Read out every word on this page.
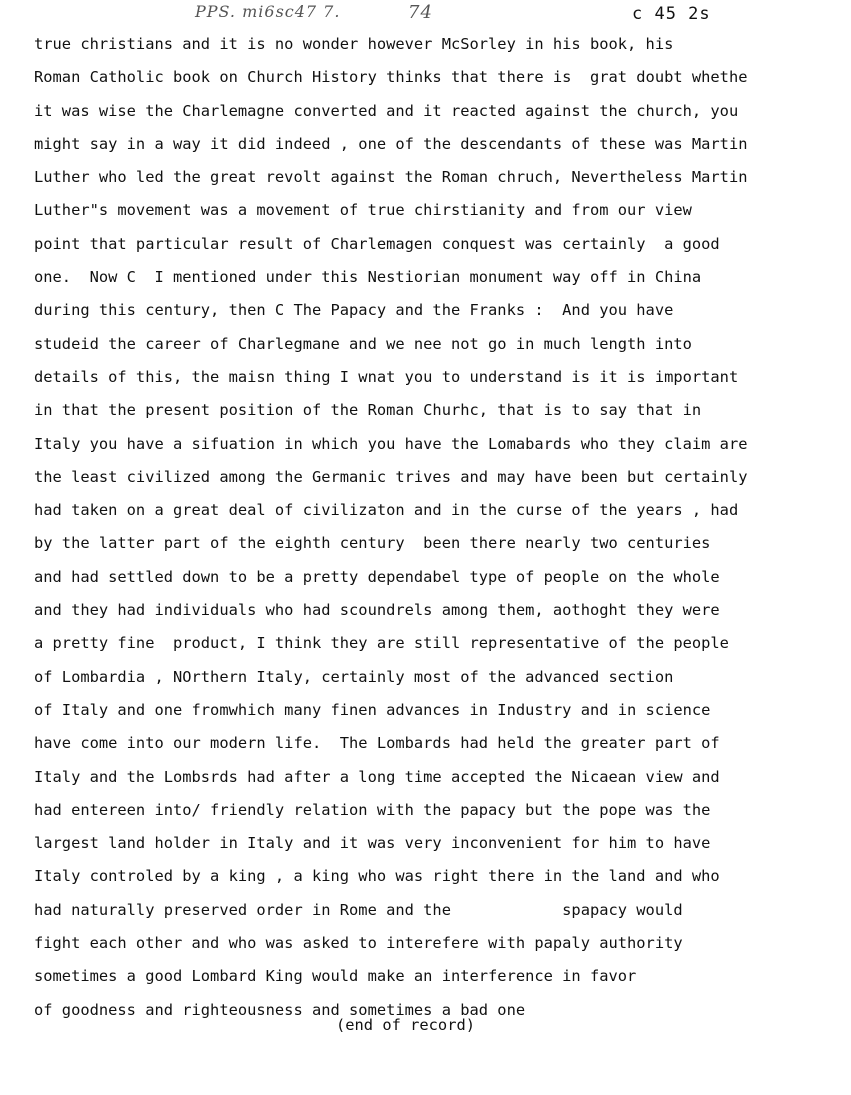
PPS. mi6sc47 7.	74	c 45 2s
true christians and it is no wonder however McSorley in his book, his
Roman Catholic book on Church History thinks that there is  grat doubt whethe
it was wise the Charlemagne converted and it reacted against the church, you
might say in a way it did indeed , one of the descendants of these was Martin
Luther who led the great revolt against the Roman chruch, Nevertheless Martin
Luther"s movement was a movement of true chirstianity and from our view
point that particular result of Charlemagen conquest was certainly  a good
one.  Now C  I mentioned under this Nestiorian monument way off in China
during this century, then C The Papacy and the Franks :  And you have
studeid the career of Charlegmane and we nee not go in much length into
details of this, the maisn thing I wnat you to understand is it is important
in that the present position of the Roman Churhc, that is to say that in
Italy you have a sifuation in which you have the Lomabards who they claim are
the least civilized among the Germanic trives and may have been but certainly
had taken on a great deal of civilizaton and in the curse of the years , had
by the latter part of the eighth century  been there nearly two centuries
and had settled down to be a pretty dependabel type of people on the whole
and they had individuals who had scoundrels among them, aothoght they were
a pretty fine  product, I think they are still representative of the people
of Lombardia , NOrthern Italy, certainly most of the advanced section
of Italy and one fromwhich many finen advances in Industry and in science
have come into our modern life.  The Lombards had held the greater part of
Italy and the Lombsrds had after a long time accepted the Nicaean view and
had entereen into/ friendly relation with the papacy but the pope was the
largest land holder in Italy and it was very inconvenient for him to have
Italy controled by a king , a king who was right there in the land and who
had naturally preserved order in Rome and the            spapacy would
fight each other and who was asked to interefere with papaly authority
sometimes a good Lombard King would make an interference in favor
of goodness and righteousness and sometimes a bad one
(end of record)
